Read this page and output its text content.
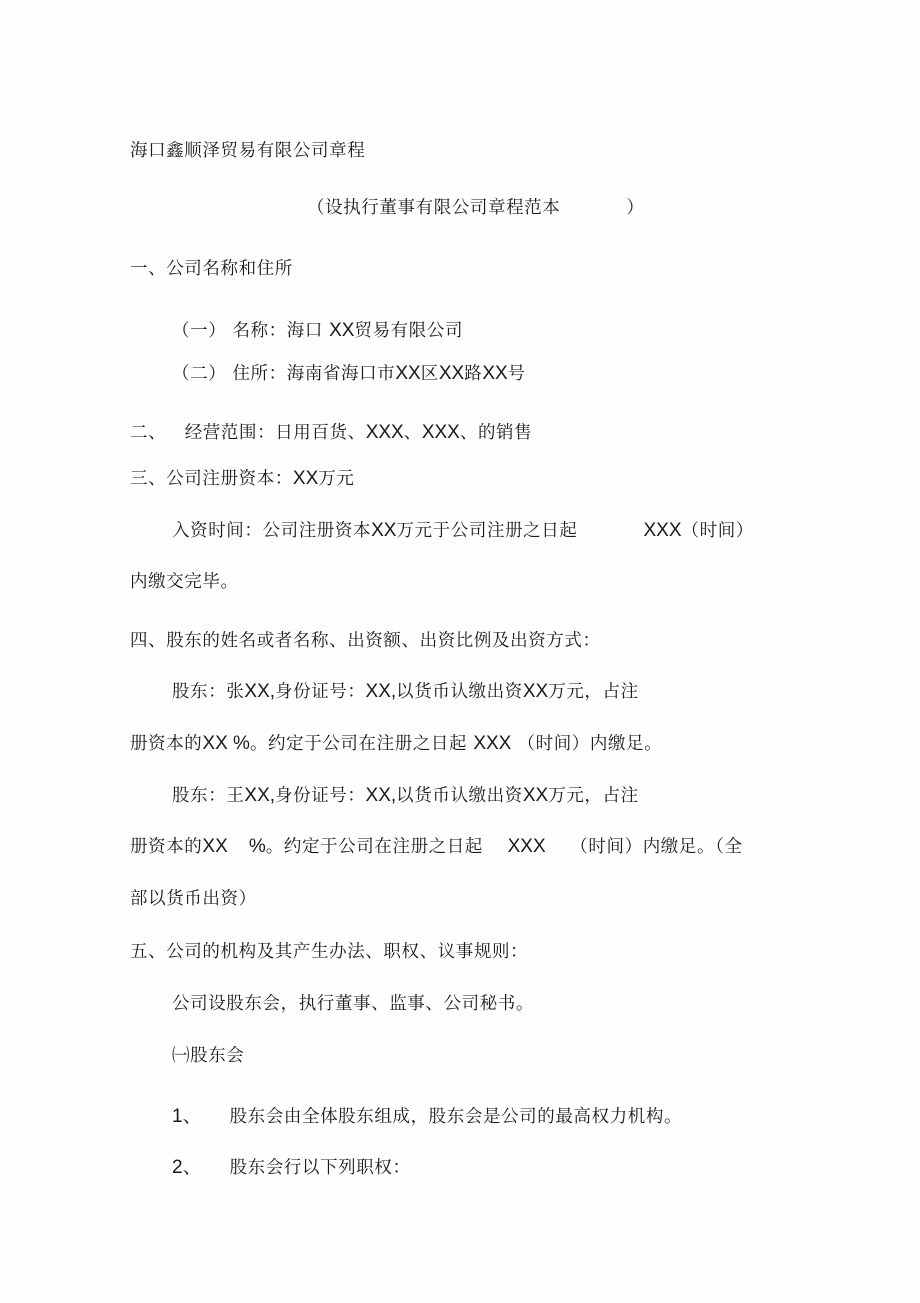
海口鑫顺泽贸易有限公司章程
（设执行董事有限公司章程范本	）
一、公司名称和住所
（一） 名称：海口 XX贸易有限公司
（二） 住所：海南省海口市XX区XX路XX号
二、   经营范围：日用百货、XXX、XXX、的销售
三、公司注册资本：XX万元
入资时间：公司注册资本XX万元于公司注册之日起	XXX（时间）
内缴交完毕。
四、股东的姓名或者名称、出资额、出资比例及出资方式：
股东：张XX,身份证号：XX,以货币认缴出资XX万元，占注
册资本的XX %。约定于公司在注册之日起 XXX （时间）内缴足。
股东：王XX,身份证号：XX,以货币认缴出资XX万元，占注
册资本的XX    %。约定于公司在注册之日起    XXX    （时间）内缴足。（全
部以货币出资）
五、公司的机构及其产生办法、职权、议事规则：
公司设股东会，执行董事、监事、公司秘书。
㈠股东会
1、 股东会由全体股东组成，股东会是公司的最高权力机构。
2、 股东会行以下列职权：
